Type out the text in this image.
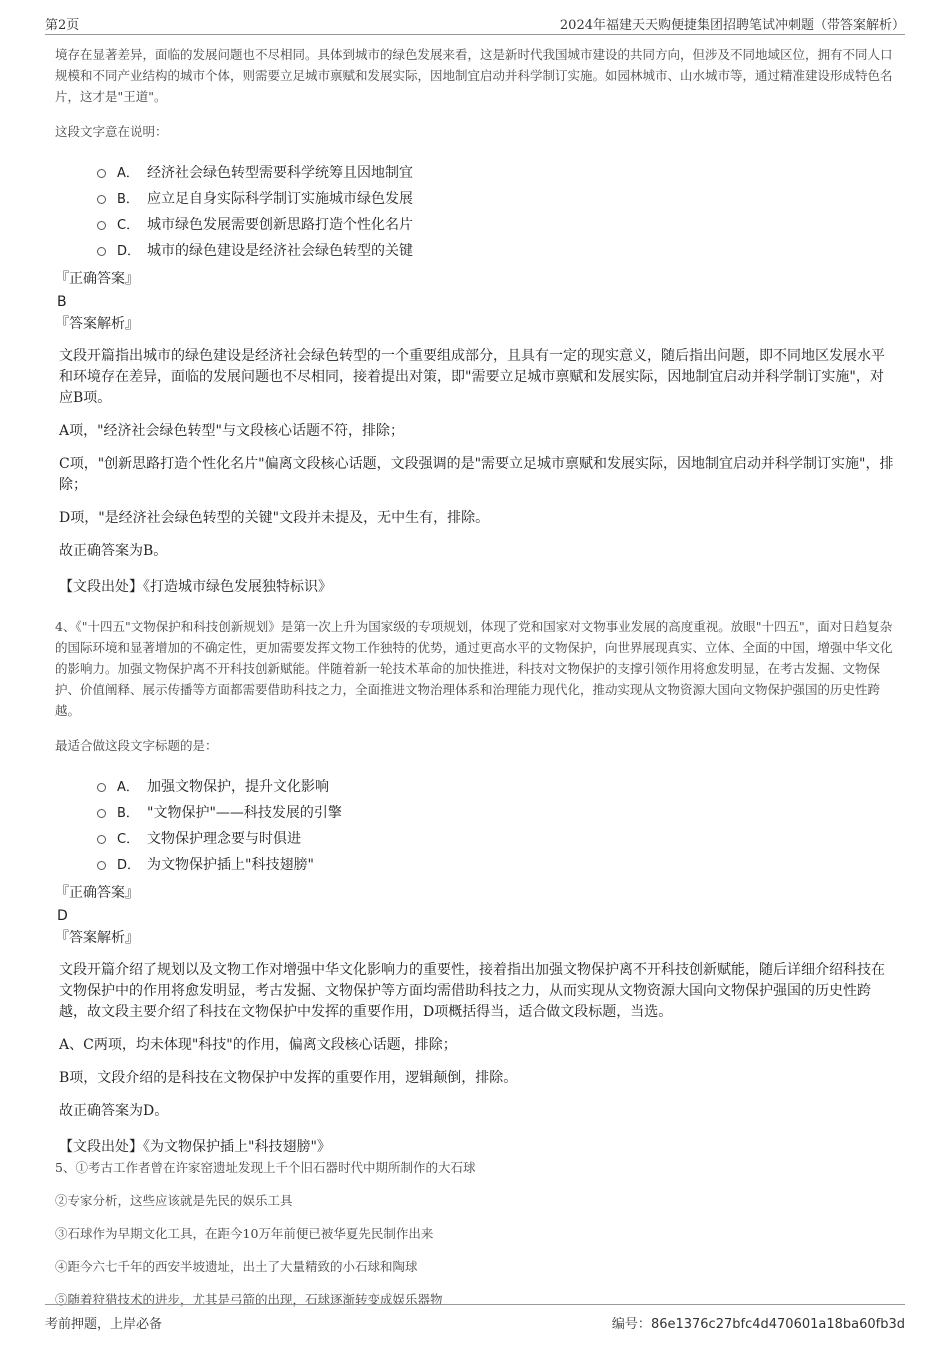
第2页	2024年福建天天购便捷集团招聘笔试冲刺题（带答案解析）

境存在显著差异，面临的发展问题也不尽相同。具体到城市的绿色发展来看，这是新时代我国城市建设的共同方向，但涉及不同地域区位，拥有不同人口规模和不同产业结构的城市个体，则需要立足城市禀赋和发展实际，因地制宜启动并科学制订实施。如园林城市、山水城市等，通过精准建设形成特色名片，这才是"王道"。

这段文字意在说明：

A． 经济社会绿色转型需要科学统筹且因地制宜
B． 应立足自身实际科学制订实施城市绿色发展
C． 城市绿色发展需要创新思路打造个性化名片
D． 城市的绿色建设是经济社会绿色转型的关键

『正确答案』

B

『答案解析』

文段开篇指出城市的绿色建设是经济社会绿色转型的一个重要组成部分，且具有一定的现实意义，随后指出问题，即不同地区发展水平和环境存在差异，面临的发展问题也不尽相同，接着提出对策，即"需要立足城市禀赋和发展实际，因地制宜启动并科学制订实施"，对应B项。

A项，"经济社会绿色转型"与文段核心话题不符，排除；

C项，"创新思路打造个性化名片"偏离文段核心话题，文段强调的是"需要立足城市禀赋和发展实际，因地制宜启动并科学制订实施"，排除；

D项，"是经济社会绿色转型的关键"文段并未提及，无中生有，排除。

故正确答案为B。

【文段出处】《打造城市绿色发展独特标识》

4、《"十四五"文物保护和科技创新规划》是第一次上升为国家级的专项规划，体现了党和国家对文物事业发展的高度重视。放眼"十四五"，面对日趋复杂的国际环境和显著增加的不确定性，更加需要发挥文物工作独特的优势，通过更高水平的文物保护，向世界展现真实、立体、全面的中国，增强中华文化的影响力。加强文物保护离不开科技创新赋能。伴随着新一轮技术革命的加快推进，科技对文物保护的支撑引领作用将愈发明显，在考古发掘、文物保护、价值阐释、展示传播等方面都需要借助科技之力，全面推进文物治理体系和治理能力现代化，推动实现从文物资源大国向文物保护强国的历史性跨越。

最适合做这段文字标题的是：

A． 加强文物保护，提升文化影响
B． "文物保护"——科技发展的引擎
C． 文物保护理念要与时俱进
D． 为文物保护插上"科技翅膀"

『正确答案』

D

『答案解析』

文段开篇介绍了规划以及文物工作对增强中华文化影响力的重要性，接着指出加强文物保护离不开科技创新赋能，随后详细介绍科技在文物保护中的作用将愈发明显，考古发掘、文物保护等方面均需借助科技之力，从而实现从文物资源大国向文物保护强国的历史性跨越，故文段主要介绍了科技在文物保护中发挥的重要作用，D项概括得当，适合做文段标题，当选。

A、C两项，均未体现"科技"的作用，偏离文段核心话题，排除；

B项，文段介绍的是科技在文物保护中发挥的重要作用，逻辑颠倒，排除。

故正确答案为D。

【文段出处】《为文物保护插上"科技翅膀"》

5、①考古工作者曾在许家窑遗址发现上千个旧石器时代中期所制作的大石球

②专家分析，这些应该就是先民的娱乐工具

③石球作为早期文化工具，在距今10万年前便已被华夏先民制作出来

④距今六七千年的西安半坡遗址，出土了大量精致的小石球和陶球

⑤随着狩猎技术的进步，尤其是弓箭的出现，石球逐渐转变成娱乐器物

考前押题，上岸必备	编号：86e1376c27bfc4d470601a18ba60fb3d
